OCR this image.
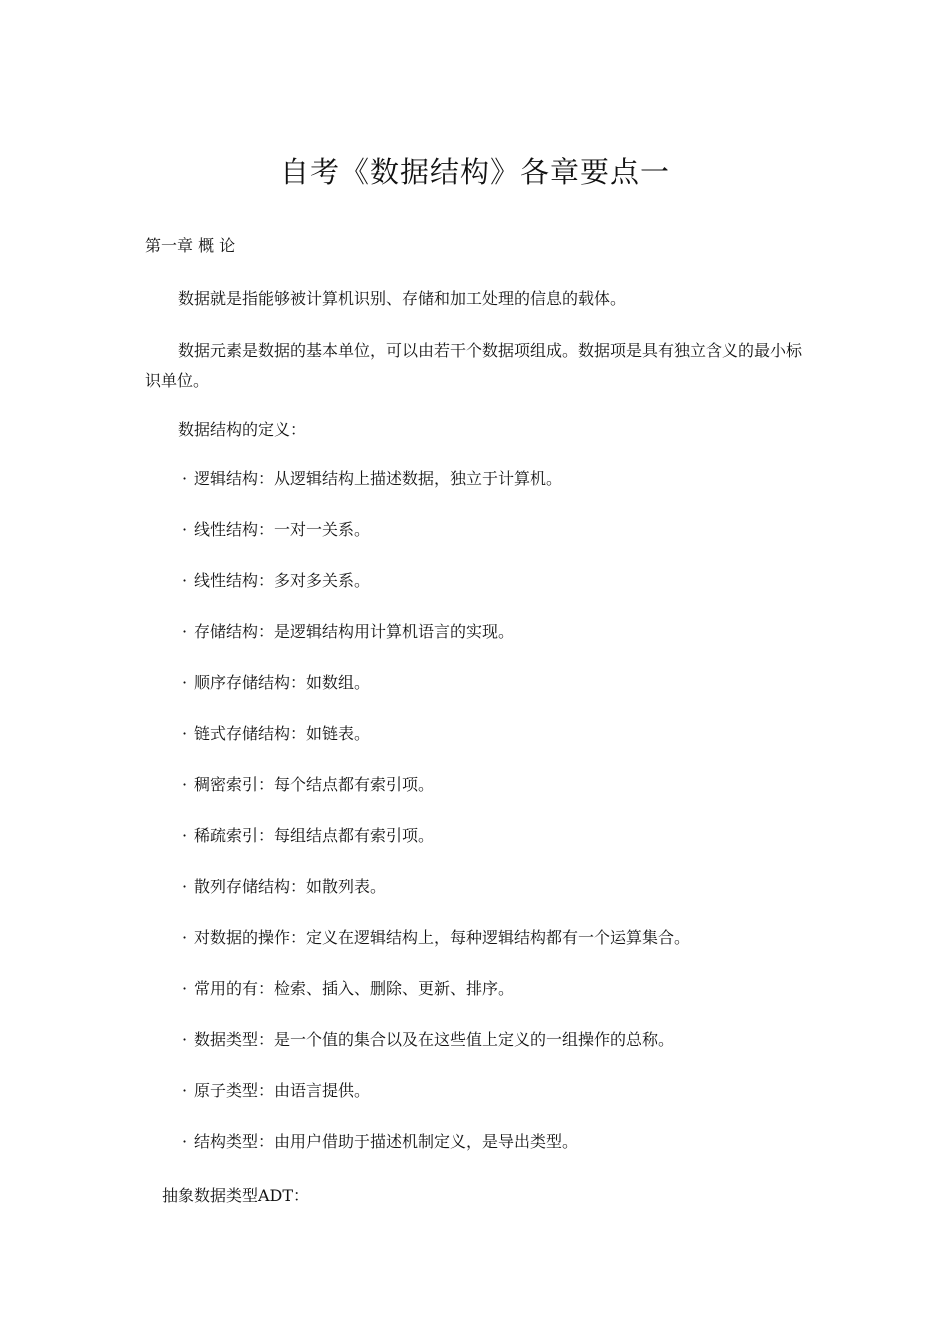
自考《数据结构》各章要点一
第一章 概 论
数据就是指能够被计算机识别、存储和加工处理的信息的载体。
数据元素是数据的基本单位，可以由若干个数据项组成。数据项是具有独立含义的最小标识单位。
数据结构的定义：
· 逻辑结构：从逻辑结构上描述数据，独立于计算机。
· 线性结构：一对一关系。
· 线性结构：多对多关系。
· 存储结构：是逻辑结构用计算机语言的实现。
· 顺序存储结构：如数组。
· 链式存储结构：如链表。
· 稠密索引：每个结点都有索引项。
· 稀疏索引：每组结点都有索引项。
· 散列存储结构：如散列表。
· 对数据的操作：定义在逻辑结构上，每种逻辑结构都有一个运算集合。
· 常用的有：检索、插入、删除、更新、排序。
· 数据类型：是一个值的集合以及在这些值上定义的一组操作的总称。
· 原子类型：由语言提供。
· 结构类型：由用户借助于描述机制定义，是导出类型。
抽象数据类型ADT：
